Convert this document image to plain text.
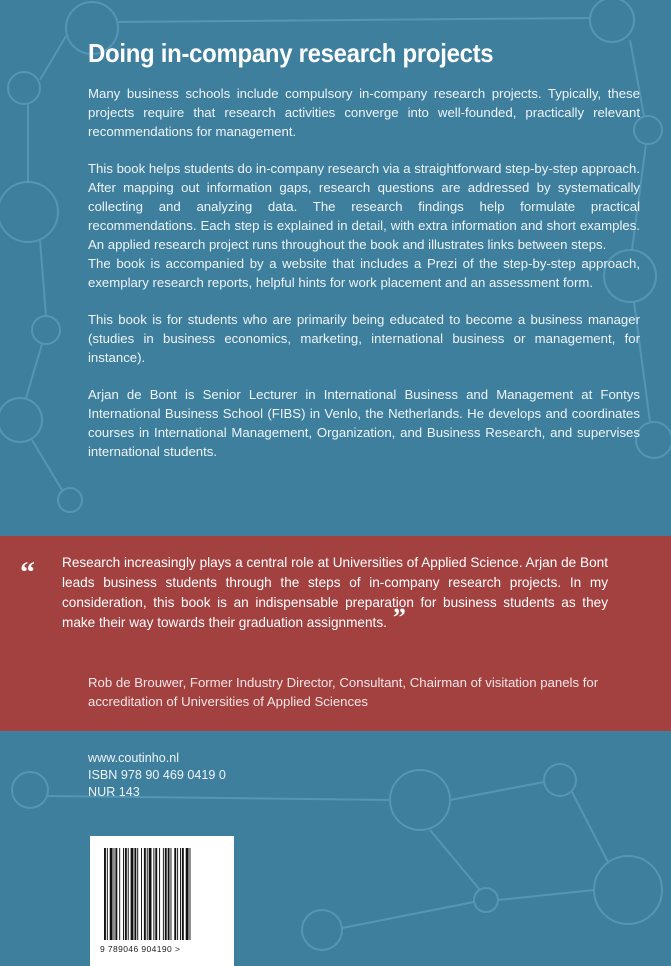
Doing in-company research projects

Many business schools include compulsory in-company research projects. Typically, these projects require that research activities converge into well-founded, practically relevant recommendations for management.

This book helps students do in-company research via a straightforward step-by-step approach. After mapping out information gaps, research questions are addressed by systematically collecting and analyzing data. The research findings help formulate practical recommendations. Each step is explained in detail, with extra information and short examples. An applied research project runs throughout the book and illustrates links between steps.

The book is accompanied by a website that includes a Prezi of the step-by-step approach, exemplary research reports, helpful hints for work placement and an assessment form.

This book is for students who are primarily being educated to become a business manager (studies in business economics, marketing, international business or management, for instance).

Arjan de Bont is Senior Lecturer in International Business and Management at Fontys International Business School (FIBS) in Venlo, the Netherlands. He develops and coordinates courses in International Management, Organization, and Business Research, and supervises international students.

“ Research increasingly plays a central role at Universities of Applied Science. Arjan de Bont leads business students through the steps of in-company research projects. In my consideration, this book is an indispensable preparation for business students as they make their way towards their graduation assignments. ”
Rob de Brouwer, Former Industry Director, Consultant, Chairman of visitation panels for accreditation of Universities of Applied Sciences
www.coutinho.nl
ISBN 978 90 469 0419 0
NUR 143
9 789046 904190 >
